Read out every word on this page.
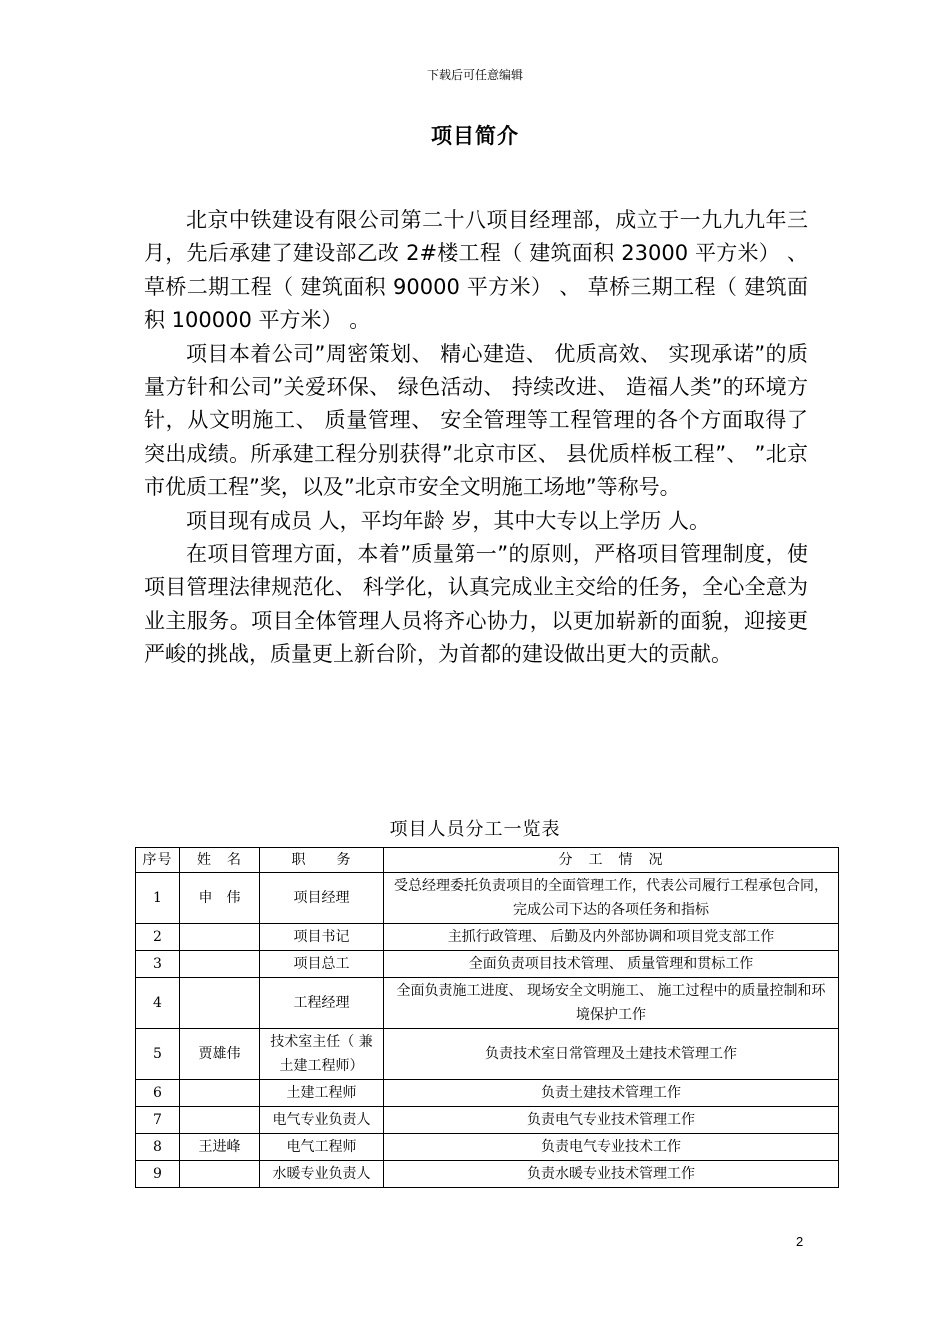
下载后可任意编辑
项目简介

北京中铁建设有限公司第二十八项目经理部，成立于一九九九年三月，先后承建了建设部乙改 2#楼工程（ 建筑面积 23000 平方米） 、 草桥二期工程（ 建筑面积 90000 平方米） 、 草桥三期工程（ 建筑面积 100000 平方米） 。

项目本着公司”周密策划、 精心建造、 优质高效、 实现承诺”的质量方针和公司”关爱环保、 绿色活动、 持续改进、 造福人类”的环境方针，从文明施工、 质量管理、 安全管理等工程管理的各个方面取得了突出成绩。所承建工程分别获得”北京市区、 县优质样板工程”、 ”北京市优质工程”奖，以及”北京市安全文明施工场地”等称号。

项目现有成员 人，平均年龄 岁，其中大专以上学历 人。

在项目管理方面，本着”质量第一”的原则，严格项目管理制度，使项目管理法律规范化、 科学化，认真完成业主交给的任务，全心全意为业主服务。项目全体管理人员将齐心协力，以更加崭新的面貌，迎接更严峻的挑战，质量更上新台阶，为首都的建设做出更大的贡献。

项目人员分工一览表
序号	姓　名	职　　务	分　工　情　况
1	申　伟	项目经理	受总经理委托负责项目的全面管理工作，代表公司履行工程承包合同，完成公司下达的各项任务和指标
2		项目书记	主抓行政管理、 后勤及内外部协调和项目党支部工作
3		项目总工	全面负责项目技术管理、 质量管理和贯标工作
4		工程经理	全面负责施工进度、 现场安全文明施工、 施工过程中的质量控制和环境保护工作
5	贾雄伟	技术室主任（ 兼土建工程师）	负责技术室日常管理及土建技术管理工作
6		土建工程师	负责土建技术管理工作
7		电气专业负责人	负责电气专业技术管理工作
8	王进峰	电气工程师	负责电气专业技术工作
9		水暖专业负责人	负责水暖专业技术管理工作
2
